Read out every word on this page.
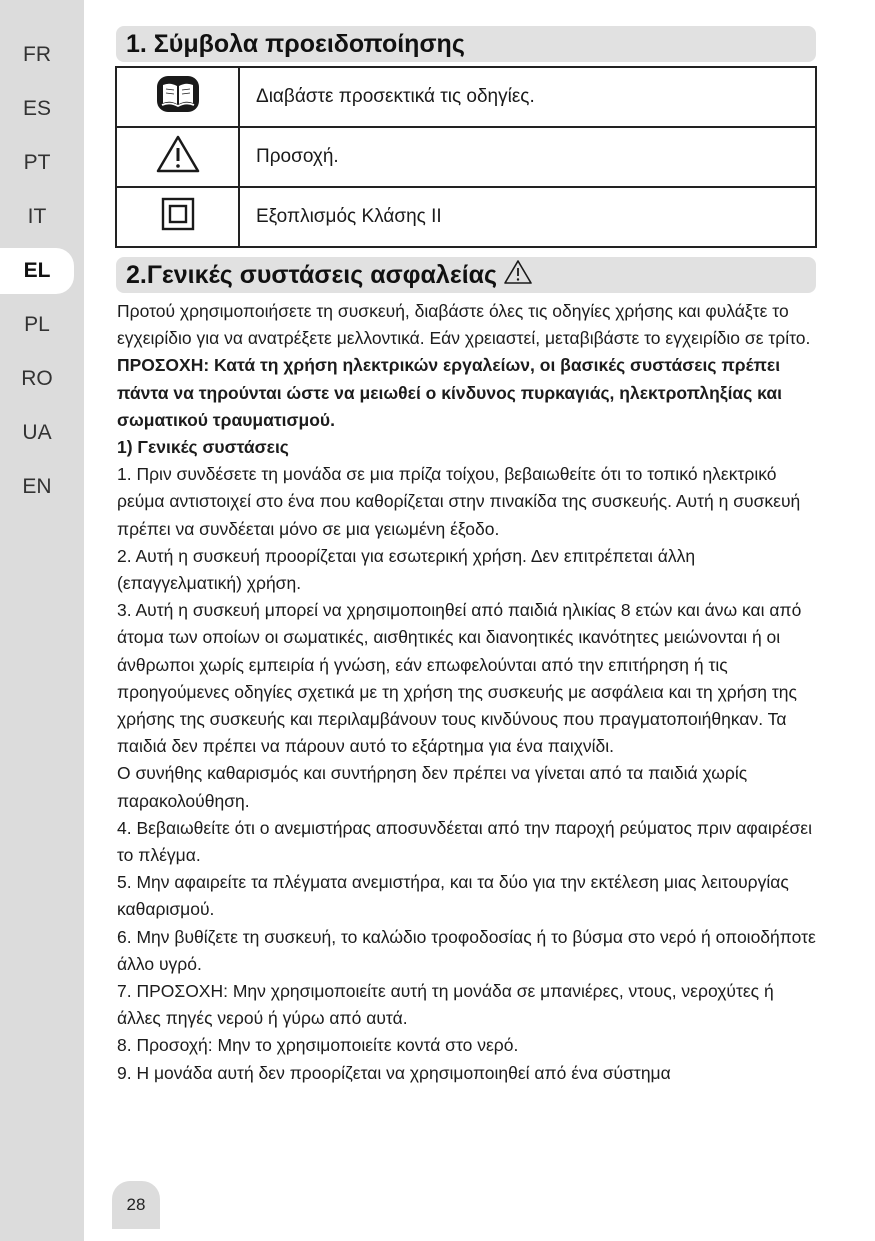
FR
ES
PT
IT
EL
PL
RO
UA
EN
1. Σύμβολα προειδοποίησης
	Διαβάστε προσεκτικά τις οδηγίες.
	Προσοχή.
	Εξοπλισμός Κλάσης II
2.Γενικές συστάσεις ασφαλείας

Προτού χρησιμοποιήσετε τη συσκευή, διαβάστε όλες τις οδηγίες χρήσης και φυλάξτε το εγχειρίδιο για να ανατρέξετε μελλοντικά. Εάν χρειαστεί, μεταβιβάστε το εγχειρίδιο σε τρίτο.

ΠΡΟΣΟΧΗ: Κατά τη χρήση ηλεκτρικών εργαλείων, οι βασικές συστάσεις πρέπει πάντα να τηρούνται ώστε να μειωθεί ο κίνδυνος πυρκαγιάς, ηλεκτροπληξίας και σωματικού τραυματισμού.

1) Γενικές συστάσεις

1. Πριν συνδέσετε τη μονάδα σε μια πρίζα τοίχου, βεβαιωθείτε ότι το τοπικό ηλεκτρικό ρεύμα αντιστοιχεί στο ένα που καθορίζεται στην πινακίδα της συσκευής. Αυτή η συσκευή πρέπει να συνδέεται μόνο σε μια γειωμένη έξοδο.

2. Αυτή η συσκευή προορίζεται για εσωτερική χρήση. Δεν επιτρέπεται άλλη (επαγγελματική) χρήση.

3. Αυτή η συσκευή μπορεί να χρησιμοποιηθεί από παιδιά ηλικίας 8 ετών και άνω και από άτομα των οποίων οι σωματικές, αισθητικές και διανοητικές ικανότητες μειώνονται ή οι άνθρωποι χωρίς εμπειρία ή γνώση, εάν επωφελούνται από την επιτήρηση ή τις προηγούμενες οδηγίες σχετικά με τη χρήση της συσκευής με ασφάλεια και τη χρήση της χρήσης της συσκευής και περιλαμβάνουν τους κινδύνους που πραγματοποιήθηκαν. Τα παιδιά δεν πρέπει να πάρουν αυτό το εξάρτημα για ένα παιχνίδι.

Ο συνήθης καθαρισμός και συντήρηση δεν πρέπει να γίνεται από τα παιδιά χωρίς παρακολούθηση.

4. Βεβαιωθείτε ότι ο ανεμιστήρας αποσυνδέεται από την παροχή ρεύματος πριν αφαιρέσει το πλέγμα.

5. Μην αφαιρείτε τα πλέγματα ανεμιστήρα, και τα δύο για την εκτέλεση μιας λειτουργίας καθαρισμού.

6. Μην βυθίζετε τη συσκευή, το καλώδιο τροφοδοσίας ή το βύσμα στο νερό ή οποιοδήποτε άλλο υγρό.

7. ΠΡΟΣΟΧΗ: Μην χρησιμοποιείτε αυτή τη μονάδα σε μπανιέρες, ντους, νεροχύτες ή άλλες πηγές νερού ή γύρω από αυτά.

8. Προσοχή: Μην το χρησιμοποιείτε κοντά στο νερό.

9. Η μονάδα αυτή δεν προορίζεται να χρησιμοποιηθεί από ένα σύστημα

28
